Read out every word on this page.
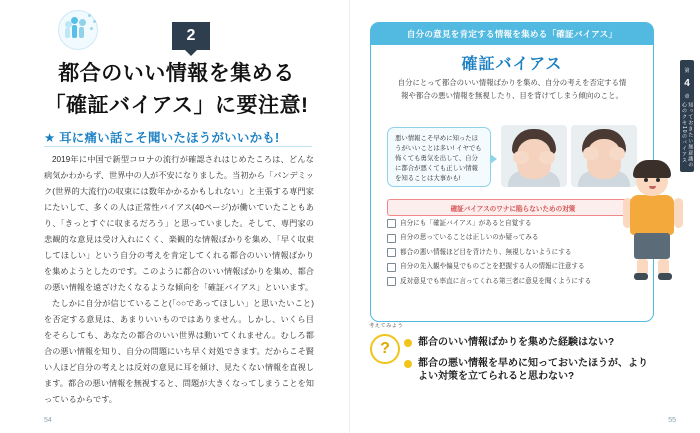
2
都合のいい情報を集める
「確証バイアス」に要注意!
★ 耳に痛い話こそ聞いたほうがいいかも!

2019年に中国で新型コロナの流行が確認されはじめたころは、どんな病気かわからず、世界中の人が不安になりました。当初から「パンデミック(世界的大流行)の収束には数年かかるかもしれない」と主張する専門家にたいして、多くの人は正常性バイアス(40ページ)が働いていたこともあり、「きっとすぐに収まるだろう」と思っていました。そして、専門家の悲観的な意見は受け入れにくく、楽観的な情報ばかりを集め、「早く収束してほしい」という自分の考えを肯定してくれる都合のいい情報ばかりを集めようとしたのです。このように都合のいい情報ばかりを集め、都合の悪い情報を遠ざけたくなるような傾向を「確証バイアス」といいます。

たしかに自分が信じていること(「○○であってほしい」と思いたいこと)を否定する意見は、あまりいいものではありません。しかし、いくら目をそらしても、あなたの都合のいい世界は動いてくれません。むしろ都合の悪い情報を知り、自分の問題にいち早く対処できます。だからこそ賢い人ほど自分の考えとは反対の意見に耳を傾け、見たくない情報を直視します。都合の悪い情報を無視すると、問題が大きくなってしまうことを知っているからです。

54
第
4
章
知っておきたい無意識の心のクセ10のバイアス
自分の意見を肯定する情報を集める「確証バイアス」
確証バイアス
自分にとって都合のいい情報ばかりを集め、自分の考えを否定する情報や都合の悪い情報を無視したり、目を背けてしまう傾向のこと。
悪い情報こそ早めに知ったほうがいいことは多い! イヤでも怖くても勇気を出して、自分に都合が悪くても正しい情報を知ることは大事かも!
確証バイアスのワナに陥らないための対策
自分にも「確証バイアス」があると自覚する
自分の思っていることは正しいのか疑ってみる
都合の悪い情報ほど目を背けたり、無視しないようにする
自分の先入観や偏見でものごとを把握する人の情報に注意する
反対意見でも率直に言ってくれる第三者に意見を聞くようにする
考えてみよう
?	都合のいい情報ばかりを集めた経験はない?
都合の悪い情報を早めに知っておいたほうが、よりよい対策を立てられると思わない?
55
